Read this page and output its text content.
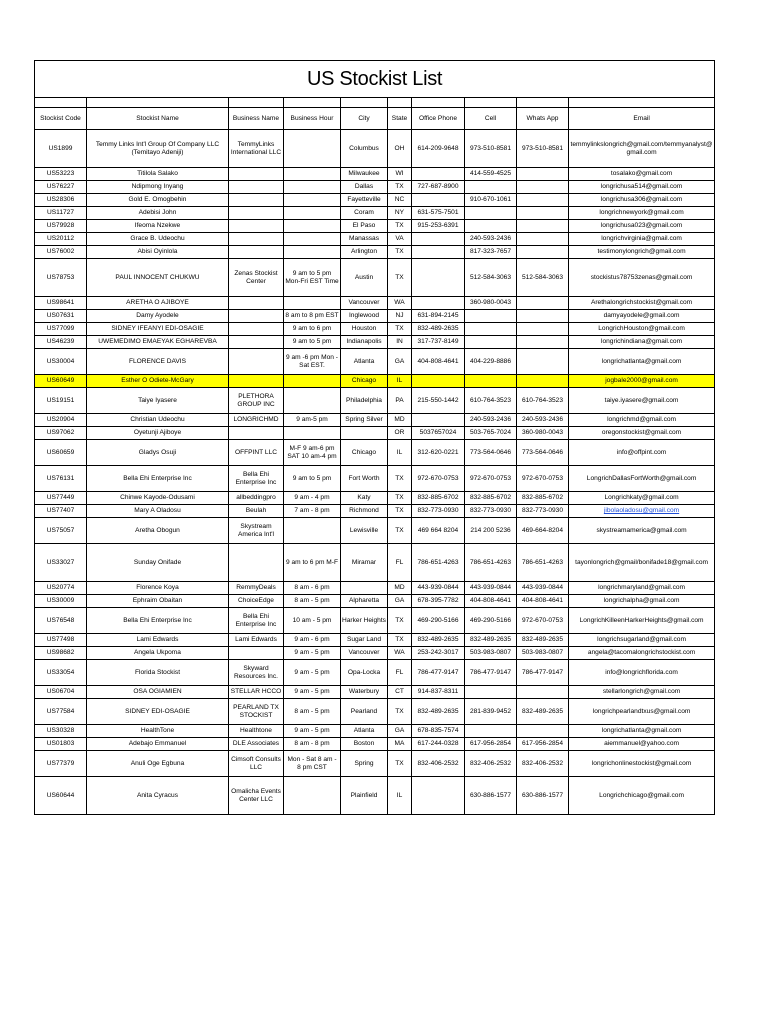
US Stockist List									

Stockist Code	Stockist Name	Business Name	Business Hour	City	State	Office Phone	Cell	Whats App	Email
US1899	Temmy Links Int'l Group Of Company LLC (Temitayo Adeniji)	TemmyLinks International LLC		Columbus	OH	614-209-9648	973-510-8581	973-510-8581	temmylinkslongrich@gmail.com/temmyanalyst@gmail.com
US53223	Titilola Salako			Milwaukee	WI		414-559-4525		tosalako@gmail.com
US76227	Ndipmong Inyang			Dallas	TX	727-687-8900			longrichusa514@gmail.com
US28306	Gold E. Omogbehin			Fayetteville	NC		910-670-1061		longrichusa306@gmail.com
US11727	Adebisi John			Coram	NY	631-575-7501			longrichnewyork@gmail.com
US79928	Ifeoma Nzekwe			El Paso	TX	915-253-6391			longrichusa023@gmail.com
US20112	Grace B. Udeochu			Manassas	VA		240-593-2436		longrichvirginia@gmail.com
US76002	Abisi Oyinlola			Arlington	TX		817-323-7657		testimonylongrich@gmail.com
US78753	PAUL INNOCENT CHUKWU	Zenas Stockist Center	9 am to 5 pm Mon-Fri EST Time	Austin	TX		512-584-3063	512-584-3063	stockistus78753zenas@gmail.com
US98641	ARETHA O AJIBOYE			Vancouver	WA		360-980-0043		Arethalongrichstockist@gmail.com
US07631	Damy Ayodele		8 am to 8 pm EST	Inglewood	NJ	631-894-2145			damyayodele@gmail.com
US77099	SIDNEY IFEANYI EDI-OSAGIE		9 am to 6 pm	Houston	TX	832-489-2635			LongrichHouston@gmail.com
US46239	UWEMEDIMO EMAEYAK EGHAREVBA		9 am to 5 pm	Indianapolis	IN	317-737-8149			longrichindiana@gmail.com
US30004	FLORENCE DAVIS		9 am -6 pm Mon - Sat EST.	Atlanta	GA	404-808-4641	404-229-8886		longrichatlanta@gmail.com
US60649	Esther O Odiete-McGary			Chicago	IL				jogbale2000@gmail.com
US19151	Taiye Iyasere	PLETHORA GROUP INC		Philadelphia	PA	215-550-1442	610-764-3523	610-764-3523	taiye.iyasere@gmail.com
US20904	Christian Udeochu	LONGRICHMD	9 am-5 pm	Spring Silver	MD		240-593-2436	240-593-2436	longrichmd@gmail.com
US97062	Oyetunji Ajiboye				OR	5037657024	503-765-7024	360-980-0043	oregonstockist@gmail.com
US60659	Gladys Osuji	OFFPINT LLC	M-F 9 am-6 pm SAT 10 am-4 pm	Chicago	IL	312-620-0221	773-564-0646	773-564-0646	info@offpint.com
US76131	Bella Ehi Enterprise Inc	Bella Ehi Enterprise Inc	9 am to 5 pm	Fort Worth	TX	972-670-0753	972-670-0753	972-670-0753	LongrichDallasFortWorth@gmail.com
US77449	Chinwe Kayode-Odusami	allbeddingpro	9 am - 4 pm	Katy	TX	832-885-6702	832-885-6702	832-885-6702	Longrichkaty@gmail.com
US77407	Mary A Oladosu	Beulah	7 am - 8 pm	Richmond	TX	832-773-0930	832-773-0930	832-773-0930	jibolaoladosu@gmail.com
US75057	Aretha Obogun	Skystream America Int'l		Lewisville	TX	469 664 8204	214 200 5236	469-664-8204	skystreamamerica@gmail.com
US33027	Sunday Onifade		9 am to 6 pm M-F	Miramar	FL	786-651-4263	786-651-4263	786-651-4263	tayonlongrich@gmail/bonifade18@gmail.com
US20774	Florence Koya	RemmyDeals	8 am - 6 pm		MD	443-939-0844	443-939-0844	443-939-0844	longrichmaryland@gmail.com
US30009	Ephraim Obaitan	ChoiceEdge	8 am - 5 pm	Alpharetta	GA	678-395-7782	404-808-4641	404-808-4641	longrichalpha@gmail.com
US76548	Bella Ehi Enterprise Inc	Bella Ehi Enterprise Inc	10 am - 5 pm	Harker Heights	TX	469-290-5166	469-290-5166	972-670-0753	LongrichKilleenHarkerHeights@gmail.com
US77498	Lami Edwards	Lami Edwards	9 am - 6 pm	Sugar Land	TX	832-489-2635	832-489-2635	832-489-2635	longrichsugarland@gmail.com
US98682	Angela Ukpoma		9 am - 5 pm	Vancouver	WA	253-242-3017	503-983-0807	503-983-0807	angela@tacomalongrichstockist.com
US33054	Florida Stockist	Skyward Resources Inc.	9 am - 5 pm	Opa-Locka	FL	786-477-9147	786-477-9147	786-477-9147	info@longrichflorida.com
US06704	OSA OGIAMIEN	STELLAR HCCO	9 am - 5 pm	Waterbury	CT	914-837-8311			stellarlongrich@gmail.com
US77584	SIDNEY EDI-OSAGIE	PEARLAND TX STOCKIST	8 am - 5 pm	Pearland	TX	832-489-2635	281-839-9452	832-489-2635	longrichpearlandtxus@gmail.com
US30328	HealthTone	Healthtone	9 am - 5 pm	Atlanta	GA	678-835-7574			longrichatlanta@gmail.com
US01803	Adebajo Emmanuel	DLE Associates	8 am - 8 pm	Boston	MA	617-244-0328	617-956-2854	617-956-2854	aiemmanuel@yahoo.com
US77379	Anuli Oge Egbuna	Cimsoft Consults LLC	Mon - Sat 8 am - 8 pm CST	Spring	TX	832-406-2532	832-406-2532	832-406-2532	longrichonlinestockist@gmail.com
US60644	Anita Cyracus	Omalicha Events Center LLC		Plainfield	IL		630-886-1577	630-886-1577	Longrichchicago@gmail.com
